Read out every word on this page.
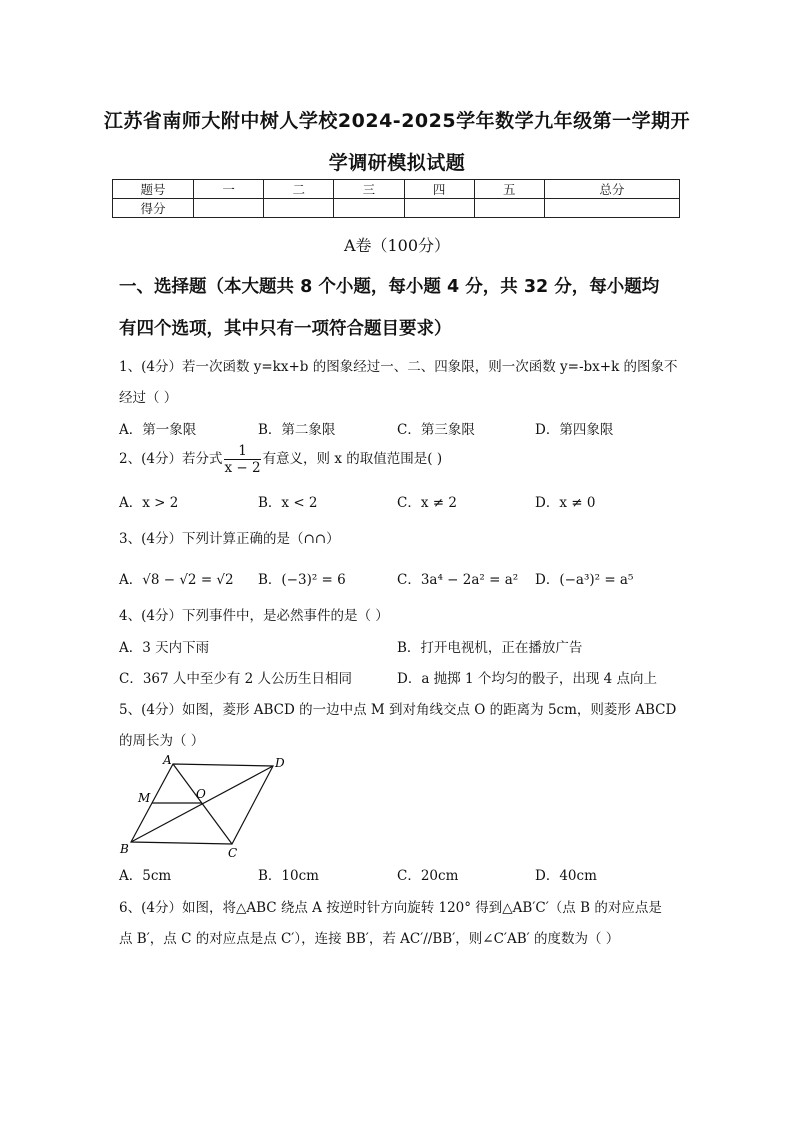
江苏省南师大附中树人学校2024-2025学年数学九年级第一学期开
学调研模拟试题
题号	一	二	三	四	五	总分
得分						
A卷（100分）
一、选择题（本大题共 8 个小题，每小题 4 分，共 32 分，每小题均
有四个选项，其中只有一项符合题目要求）
1、(4分）若一次函数 y=kx+b 的图象经过一、二、四象限，则一次函数 y=-bx+k 的图象不
经过（ ）
A．第一象限	B．第二象限	C．第三象限	D．第四象限
2、(4分）若分式 $\frac{1}{x - 2}$ 有意义，则 x 的取值范围是( )
A．x > 2	B．x < 2	C．x ≠ 2	D．x ≠ 0
3、(4分）下列计算正确的是（∩∩）
A．√8 − √2 = √2 B．(−3)² = 6	C．3a⁴ − 2a² = a² D．(−a³)² = a⁵
4、(4分）下列事件中，是必然事件的是（ ）
A．3 天内下雨	B．打开电视机，正在播放广告
C．367 人中至少有 2 人公历生日相同	D．a 抛掷 1 个均匀的骰子，出现 4 点向上
5、(4分）如图，菱形 ABCD 的一边中点 M 到对角线交点 O 的距离为 5cm，则菱形 ABCD
的周长为（ ）
A	D
M	O
B	C
A．5cm	B．10cm	C．20cm	D．40cm
6、(4分）如图，将△ABC 绕点 A 按逆时针方向旋转 120° 得到△AB′C′（点 B 的对应点是
点 B′，点 C 的对应点是点 C′），连接 BB′，若 AC′//BB′，则∠C′AB′ 的度数为（ ）
